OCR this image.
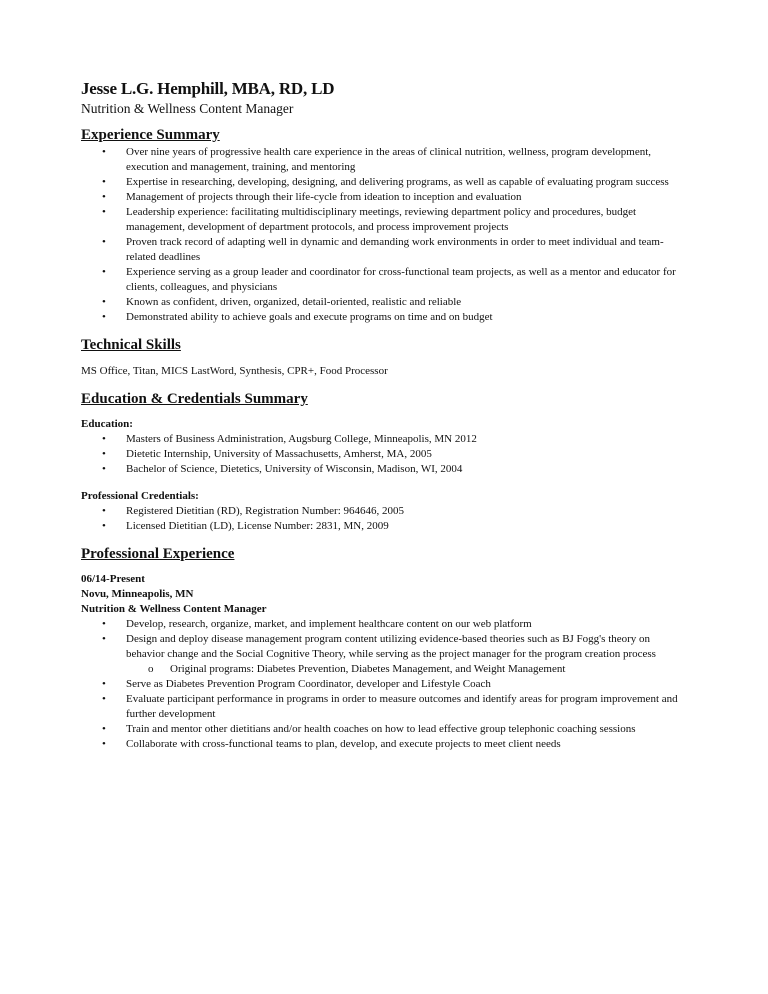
Jesse L.G. Hemphill, MBA, RD, LD
Nutrition & Wellness Content Manager
Experience Summary
• Over nine years of progressive health care experience in the areas of clinical nutrition, wellness, program development, execution and management, training, and mentoring
• Expertise in researching, developing, designing, and delivering programs, as well as capable of evaluating program success
• Management of projects through their life-cycle from ideation to inception and evaluation
• Leadership experience: facilitating multidisciplinary meetings, reviewing department policy and procedures, budget management, development of department protocols, and process improvement projects
• Proven track record of adapting well in dynamic and demanding work environments in order to meet individual and team-related deadlines
• Experience serving as a group leader and coordinator for cross-functional team projects, as well as a mentor and educator for clients, colleagues, and physicians
• Known as confident, driven, organized, detail-oriented, realistic and reliable
• Demonstrated ability to achieve goals and execute programs on time and on budget
Technical Skills
MS Office, Titan, MICS LastWord, Synthesis, CPR+, Food Processor
Education & Credentials Summary
Education:
• Masters of Business Administration, Augsburg College, Minneapolis, MN 2012
• Dietetic Internship, University of Massachusetts, Amherst, MA, 2005
• Bachelor of Science, Dietetics, University of Wisconsin, Madison, WI, 2004
Professional Credentials:
• Registered Dietitian (RD), Registration Number: 964646, 2005
• Licensed Dietitian (LD), License Number: 2831, MN, 2009
Professional Experience
06/14-Present
Novu, Minneapolis, MN
Nutrition & Wellness Content Manager
• Develop, research, organize, market, and implement healthcare content on our web platform
• Design and deploy disease management program content utilizing evidence-based theories such as BJ Fogg's theory on behavior change and the Social Cognitive Theory, while serving as the project manager for the program creation process
o Original programs: Diabetes Prevention, Diabetes Management, and Weight Management
• Serve as Diabetes Prevention Program Coordinator, developer and Lifestyle Coach
• Evaluate participant performance in programs in order to measure outcomes and identify areas for program improvement and further development
• Train and mentor other dietitians and/or health coaches on how to lead effective group telephonic coaching sessions
• Collaborate with cross-functional teams to plan, develop, and execute projects to meet client needs
